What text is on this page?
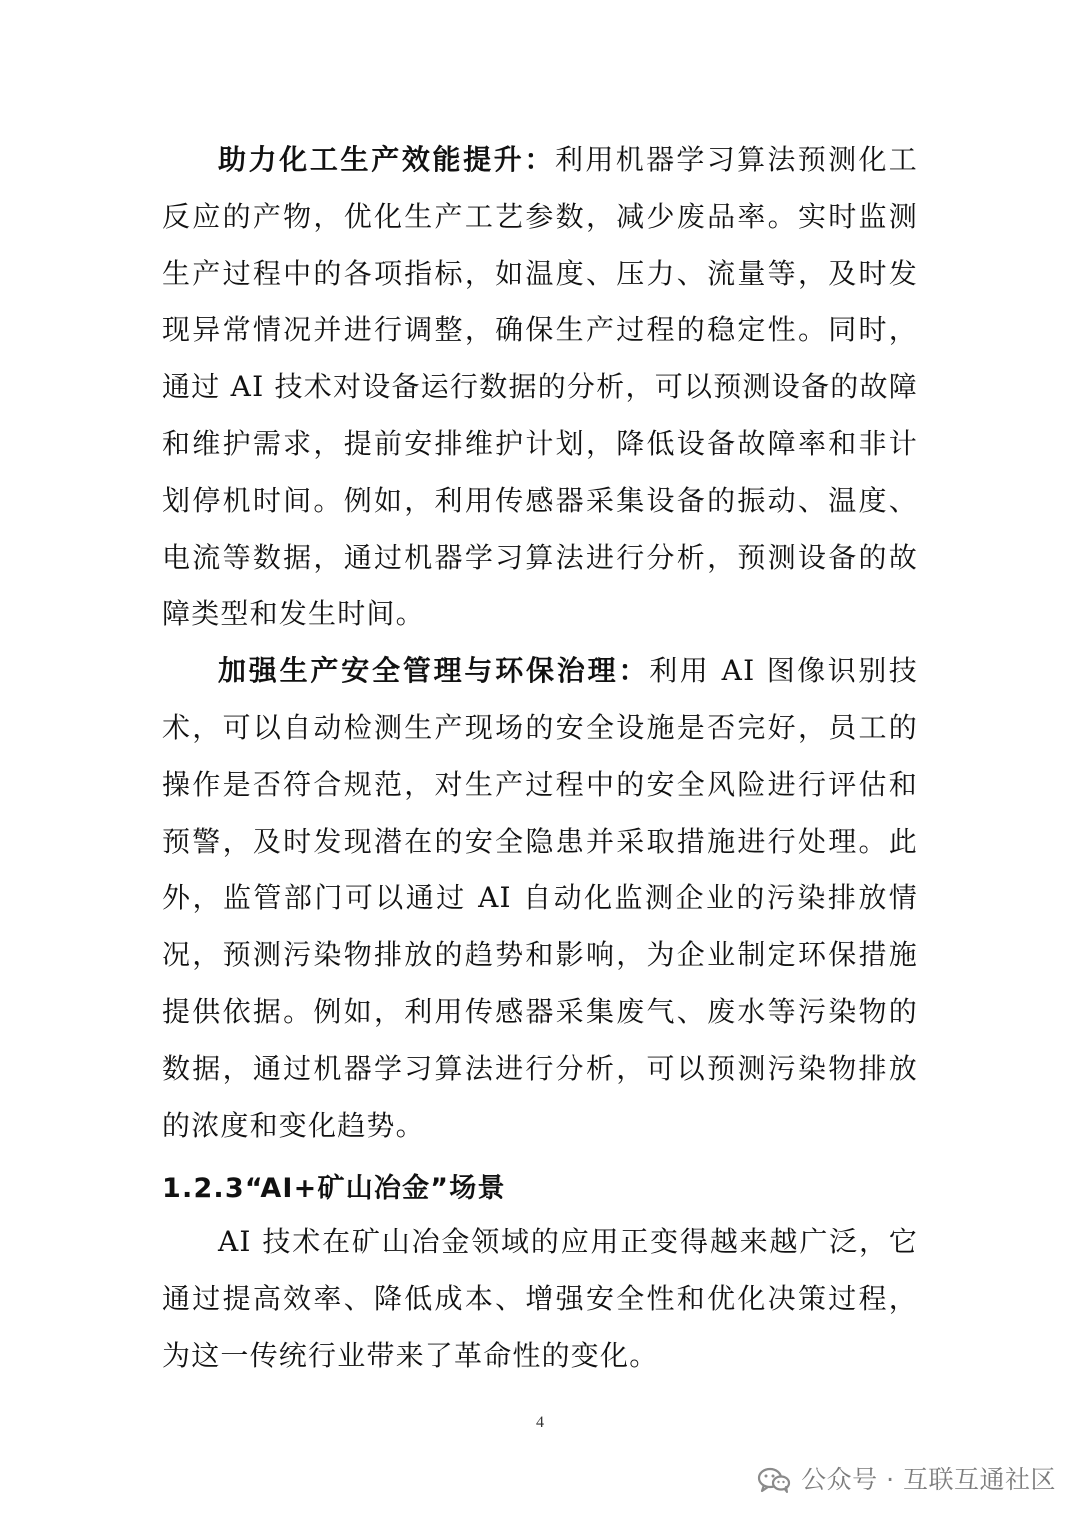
助力化工生产效能提升：利用机器学习算法预测化工反应的产物，优化生产工艺参数，减少废品率。实时监测生产过程中的各项指标，如温度、压力、流量等，及时发现异常情况并进行调整，确保生产过程的稳定性。同时，通过 AI 技术对设备运行数据的分析，可以预测设备的故障和维护需求，提前安排维护计划，降低设备故障率和非计划停机时间。例如，利用传感器采集设备的振动、温度、电流等数据，通过机器学习算法进行分析，预测设备的故障类型和发生时间。

加强生产安全管理与环保治理：利用 AI 图像识别技术，可以自动检测生产现场的安全设施是否完好，员工的操作是否符合规范，对生产过程中的安全风险进行评估和预警，及时发现潜在的安全隐患并采取措施进行处理。此外，监管部门可以通过 AI 自动化监测企业的污染排放情况，预测污染物排放的趋势和影响，为企业制定环保措施提供依据。例如，利用传感器采集废气、废水等污染物的数据，通过机器学习算法进行分析，可以预测污染物排放的浓度和变化趋势。

1.2.3“AI+矿山冶金”场景

AI 技术在矿山冶金领域的应用正变得越来越广泛，它通过提高效率、降低成本、增强安全性和优化决策过程，为这一传统行业带来了革命性的变化。

4
公众号 · 互联互通社区
